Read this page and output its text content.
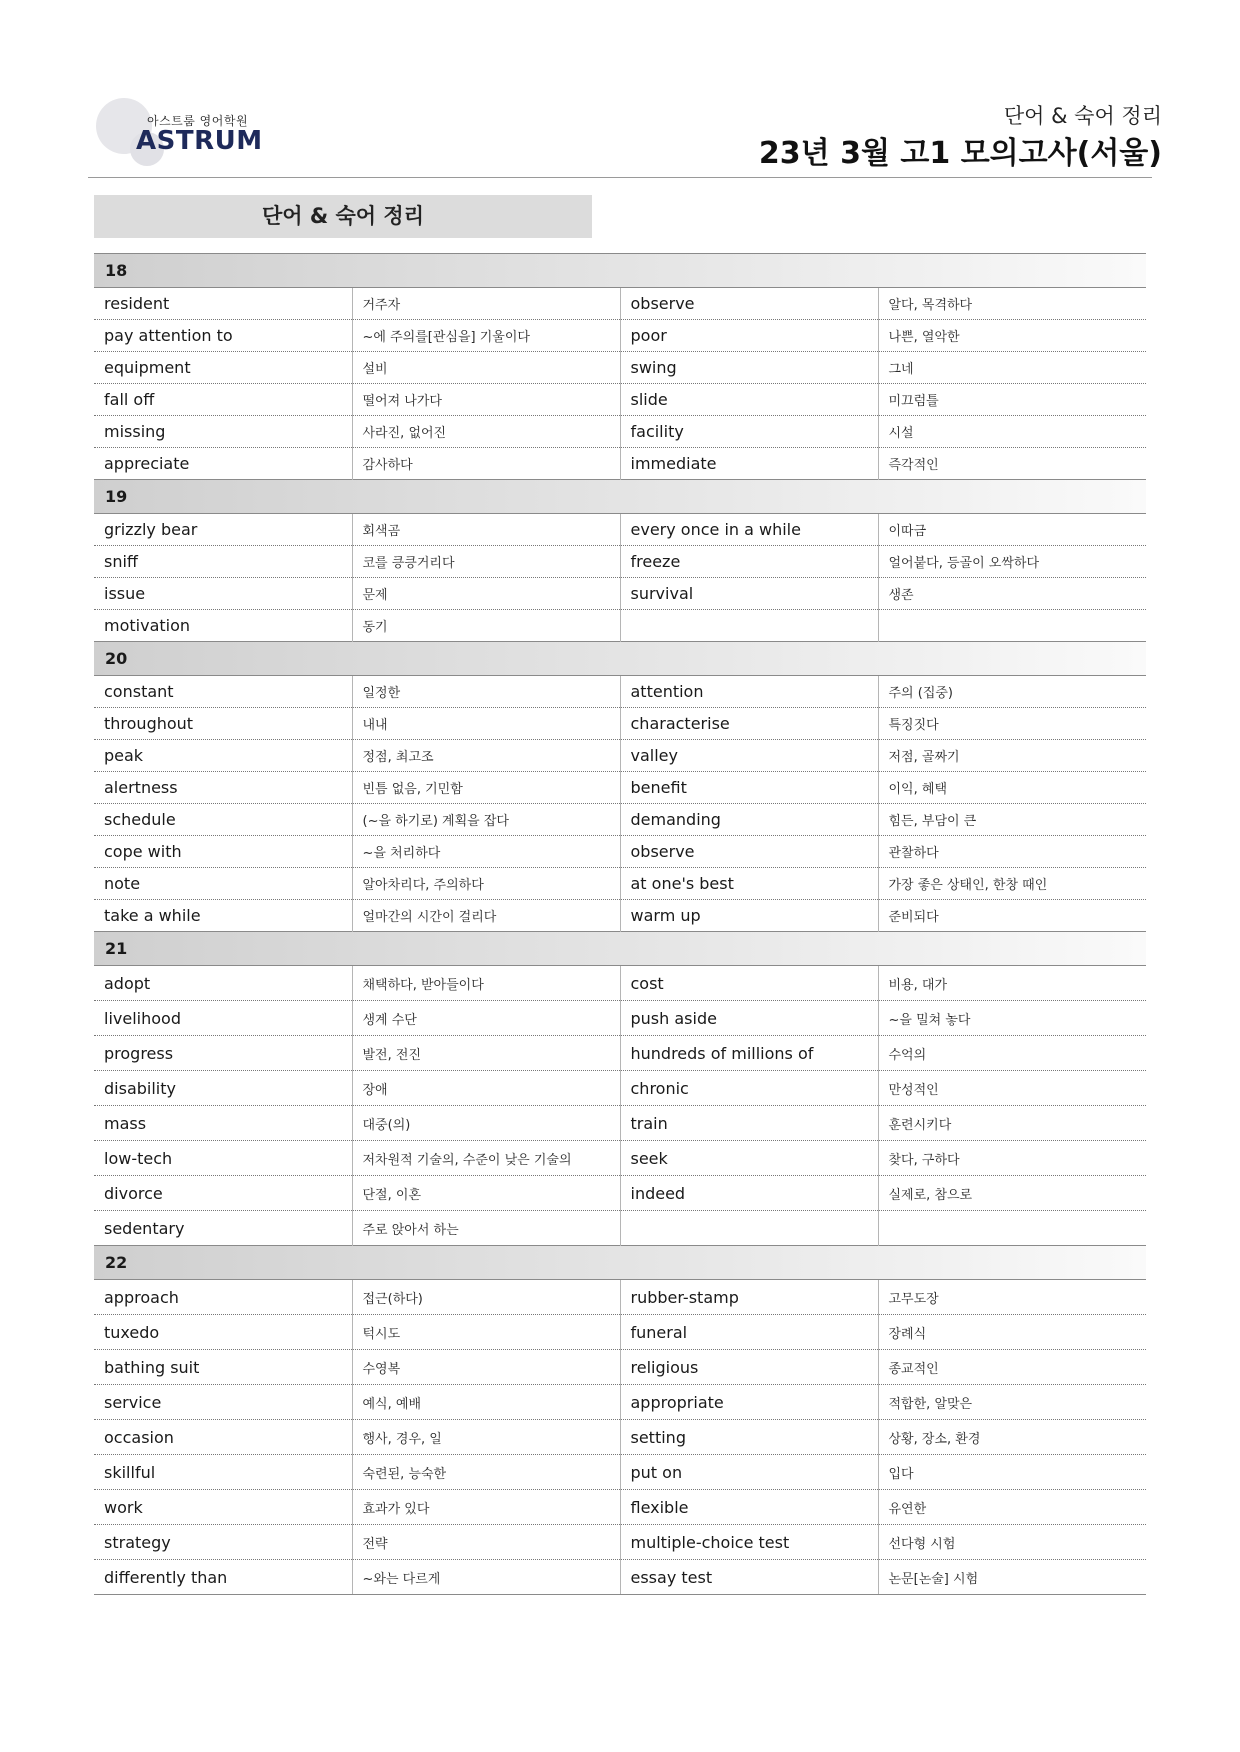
아스트룸 영어학원
ASTRUM
단어 & 숙어 정리
23년 3월 고1 모의고사(서울)
단어 & 숙어 정리
18			
resident	거주자	observe	알다, 목격하다
pay attention to	~에 주의를[관심을] 기울이다	poor	나쁜, 열악한
equipment	설비	swing	그네
fall off	떨어져 나가다	slide	미끄럼틀
missing	사라진, 없어진	facility	시설
appreciate	감사하다	immediate	즉각적인
19			
grizzly bear	회색곰	every once in a while	이따금
sniff	코를 킁킁거리다	freeze	얼어붙다, 등골이 오싹하다
issue	문제	survival	생존
motivation	동기		
20			
constant	일정한	attention	주의 (집중)
throughout	내내	characterise	특징짓다
peak	정점, 최고조	valley	저점, 골짜기
alertness	빈틈 없음, 기민함	benefit	이익, 혜택
schedule	(~을 하기로) 계획을 잡다	demanding	힘든, 부담이 큰
cope with	~을 처리하다	observe	관찰하다
note	알아차리다, 주의하다	at one's best	가장 좋은 상태인, 한창 때인
take a while	얼마간의 시간이 걸리다	warm up	준비되다
21			
adopt	채택하다, 받아들이다	cost	비용, 대가
livelihood	생계 수단	push aside	~을 밀쳐 놓다
progress	발전, 전진	hundreds of millions of	수억의
disability	장애	chronic	만성적인
mass	대중(의)	train	훈련시키다
low-tech	저차원적 기술의, 수준이 낮은 기술의	seek	찾다, 구하다
divorce	단절, 이혼	indeed	실제로, 참으로
sedentary	주로 앉아서 하는		
22			
approach	접근(하다)	rubber-stamp	고무도장
tuxedo	턱시도	funeral	장례식
bathing suit	수영복	religious	종교적인
service	예식, 예배	appropriate	적합한, 알맞은
occasion	행사, 경우, 일	setting	상황, 장소, 환경
skillful	숙련된, 능숙한	put on	입다
work	효과가 있다	flexible	유연한
strategy	전략	multiple-choice test	선다형 시험
differently than	~와는 다르게	essay test	논문[논술] 시험
